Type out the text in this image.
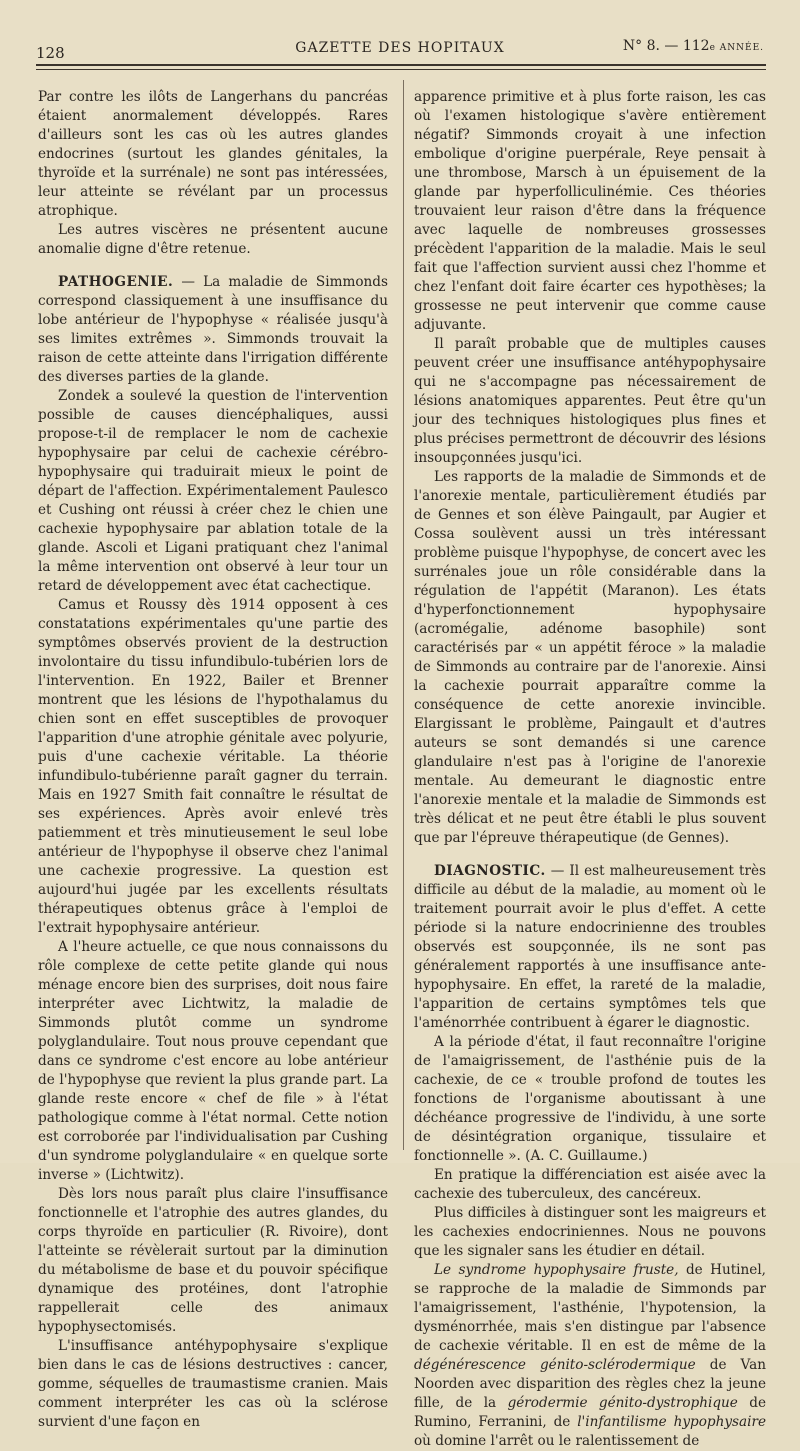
128	GAZETTE DES HOPITAUX	N° 8. — 112e ANNÉE.

Par contre les ilôts de Langerhans du pancréas étaient anormalement développés. Rares d'ailleurs sont les cas où les autres glandes endocrines (surtout les glandes génitales, la thyroïde et la surrénale) ne sont pas intéressées, leur atteinte se révélant par un processus atrophique.

Les autres viscères ne présentent aucune anomalie digne d'être retenue.

PATHOGENIE. — La maladie de Simmonds correspond classiquement à une insuffisance du lobe antérieur de l'hypophyse « réalisée jusqu'à ses limites extrêmes ». Simmonds trouvait la raison de cette atteinte dans l'irrigation différente des diverses parties de la glande.

Zondek a soulevé la question de l'intervention possible de causes diencéphaliques, aussi propose-t-il de remplacer le nom de cachexie hypophysaire par celui de cachexie cérébro-hypophysaire qui traduirait mieux le point de départ de l'affection. Expérimentalement Paulesco et Cushing ont réussi à créer chez le chien une cachexie hypophysaire par ablation totale de la glande. Ascoli et Ligani pratiquant chez l'animal la même intervention ont observé à leur tour un retard de développement avec état cachectique.

Camus et Roussy dès 1914 opposent à ces constatations expérimentales qu'une partie des symptômes observés provient de la destruction involontaire du tissu infundibulo-tubérien lors de l'intervention. En 1922, Bailer et Brenner montrent que les lésions de l'hypothalamus du chien sont en effet susceptibles de provoquer l'apparition d'une atrophie génitale avec polyurie, puis d'une cachexie véritable. La théorie infundibulo-tubérienne paraît gagner du terrain. Mais en 1927 Smith fait connaître le résultat de ses expériences. Après avoir enlevé très patiemment et très minutieusement le seul lobe antérieur de l'hypophyse il observe chez l'animal une cachexie progressive. La question est aujourd'hui jugée par les excellents résultats thérapeutiques obtenus grâce à l'emploi de l'extrait hypophysaire antérieur.

A l'heure actuelle, ce que nous connaissons du rôle complexe de cette petite glande qui nous ménage encore bien des surprises, doit nous faire interpréter avec Lichtwitz, la maladie de Simmonds plutôt comme un syndrome polyglandulaire. Tout nous prouve cependant que dans ce syndrome c'est encore au lobe antérieur de l'hypophyse que revient la plus grande part. La glande reste encore « chef de file » à l'état pathologique comme à l'état normal. Cette notion est corroborée par l'individualisation par Cushing d'un syndrome polyglandulaire « en quelque sorte inverse » (Lichtwitz).

Dès lors nous paraît plus claire l'insuffisance fonctionnelle et l'atrophie des autres glandes, du corps thyroïde en particulier (R. Rivoire), dont l'atteinte se révèlerait surtout par la diminution du métabolisme de base et du pouvoir spécifique dynamique des protéines, dont l'atrophie rappellerait celle des animaux hypophysectomisés.

L'insuffisance antéhypophysaire s'explique bien dans le cas de lésions destructives : cancer, gomme, séquelles de traumastisme cranien. Mais comment interpréter les cas où la sclérose survient d'une façon en

apparence primitive et à plus forte raison, les cas où l'examen histologique s'avère entièrement négatif? Simmonds croyait à une infection embolique d'origine puerpérale, Reye pensait à une thrombose, Marsch à un épuisement de la glande par hyperfolliculinémie. Ces théories trouvaient leur raison d'être dans la fréquence avec laquelle de nombreuses grossesses précèdent l'apparition de la maladie. Mais le seul fait que l'affection survient aussi chez l'homme et chez l'enfant doit faire écarter ces hypothèses; la grossesse ne peut intervenir que comme cause adjuvante.

Il paraît probable que de multiples causes peuvent créer une insuffisance antéhypophysaire qui ne s'accompagne pas nécessairement de lésions anatomiques apparentes. Peut être qu'un jour des techniques histologiques plus fines et plus précises permettront de découvrir des lésions insoupçonnées jusqu'ici.

Les rapports de la maladie de Simmonds et de l'anorexie mentale, particulièrement étudiés par de Gennes et son élève Paingault, par Augier et Cossa soulèvent aussi un très intéressant problème puisque l'hypophyse, de concert avec les surrénales joue un rôle considérable dans la régulation de l'appétit (Maranon). Les états d'hyperfonctionnement hypophysaire (acromégalie, adénome basophile) sont caractérisés par « un appétit féroce » la maladie de Simmonds au contraire par de l'anorexie. Ainsi la cachexie pourrait apparaître comme la conséquence de cette anorexie invincible. Elargissant le problème, Paingault et d'autres auteurs se sont demandés si une carence glandulaire n'est pas à l'origine de l'anorexie mentale. Au demeurant le diagnostic entre l'anorexie mentale et la maladie de Simmonds est très délicat et ne peut être établi le plus souvent que par l'épreuve thérapeutique (de Gennes).

DIAGNOSTIC. — Il est malheureusement très difficile au début de la maladie, au moment où le traitement pourrait avoir le plus d'effet. A cette période si la nature endocrinienne des troubles observés est soupçonnée, ils ne sont pas généralement rapportés à une insuffisance ante-hypophysaire. En effet, la rareté de la maladie, l'apparition de certains symptômes tels que l'aménorrhée contribuent à égarer le diagnostic.

A la période d'état, il faut reconnaître l'origine de l'amaigrissement, de l'asthénie puis de la cachexie, de ce « trouble profond de toutes les fonctions de l'organisme aboutissant à une déchéance progressive de l'individu, à une sorte de désintégration organique, tissulaire et fonctionnelle ». (A. C. Guillaume.)

En pratique la différenciation est aisée avec la cachexie des tuberculeux, des cancéreux.

Plus difficiles à distinguer sont les maigreurs et les cachexies endocriniennes. Nous ne pouvons que les signaler sans les étudier en détail.

Le syndrome hypophysaire fruste, de Hutinel, se rapproche de la maladie de Simmonds par l'amaigrissement, l'asthénie, l'hypotension, la dysménorrhée, mais s'en distingue par l'absence de cachexie véritable. Il en est de même de la dégénérescence génito-sclérodermique de Van Noorden avec disparition des règles chez la jeune fille, de la gérodermie génito-dystrophique de Rumino, Ferranini, de l'infantilisme hypophysaire où domine l'arrêt ou le ralentissement de
